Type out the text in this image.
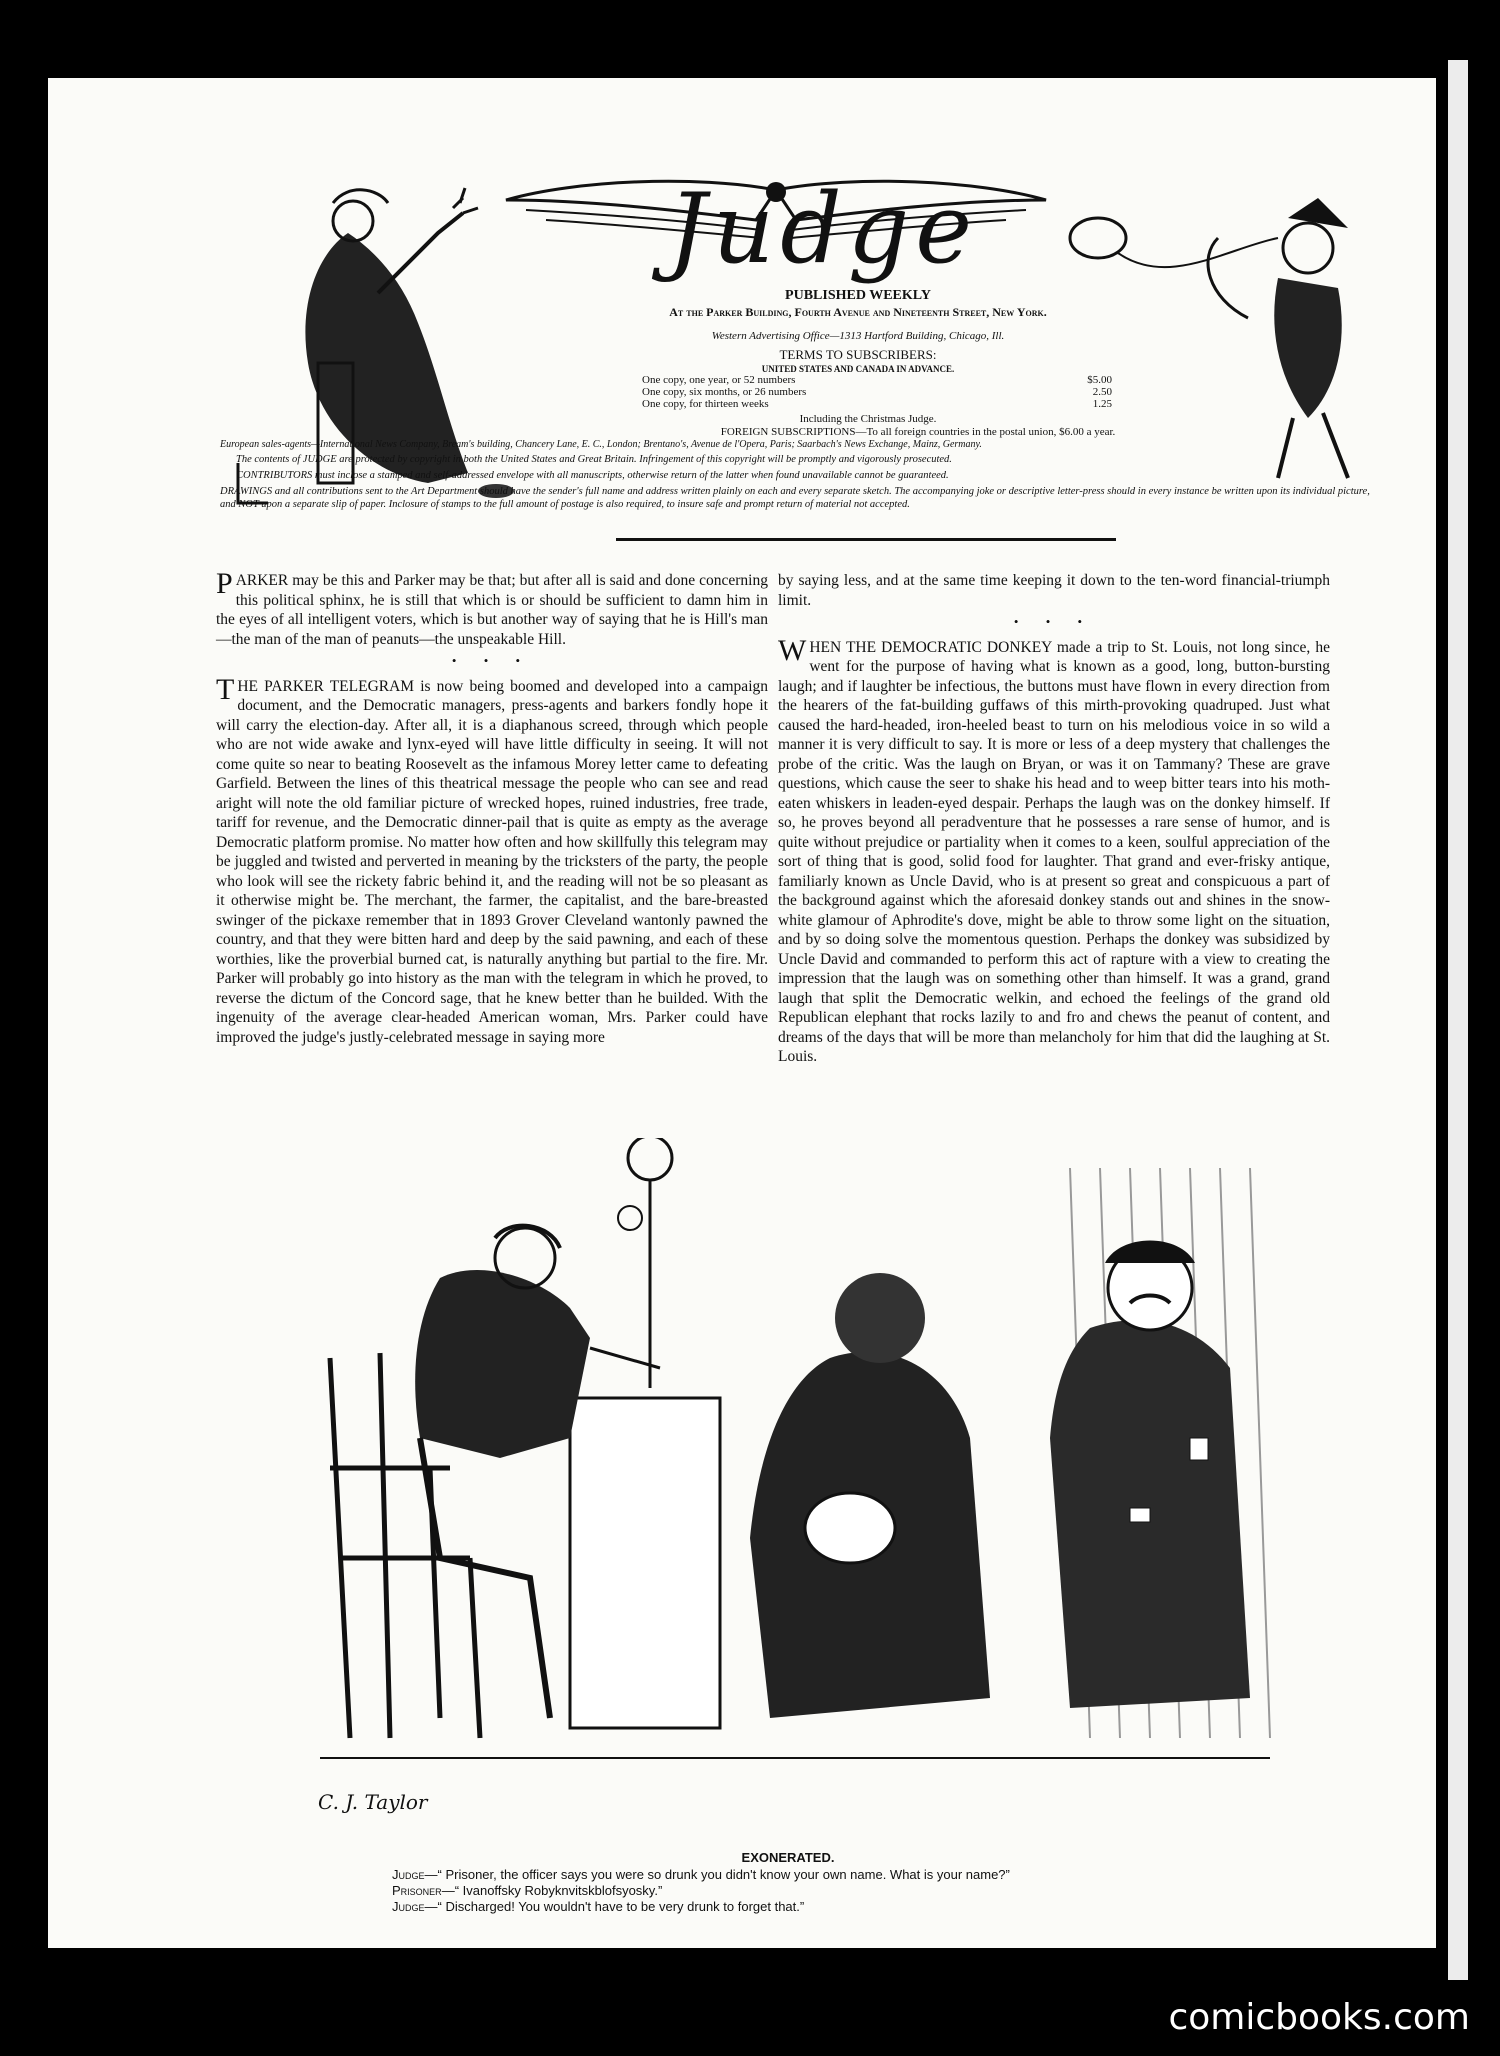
Judge
PUBLISHED WEEKLY
At the Parker Building, Fourth Avenue and Nineteenth Street, New York.
Western Advertising Office—1313 Hartford Building, Chicago, Ill.
TERMS TO SUBSCRIBERS:
UNITED STATES AND CANADA IN ADVANCE.
One copy, one year, or 52 numbers	$5.00
One copy, six months, or 26 numbers	2.50
One copy, for thirteen weeks	1.25
Including the Christmas Judge.
FOREIGN SUBSCRIPTIONS—To all foreign countries in the postal union, $6.00 a year.
European sales-agents—International News Company, Bream's building, Chancery Lane, E. C., London; Brentano's, Avenue de l'Opera, Paris; Saarbach's News Exchange, Mainz, Germany.
The contents of JUDGE are protected by copyright in both the United States and Great Britain. Infringement of this copyright will be promptly and vigorously prosecuted.
CONTRIBUTORS must inclose a stamped and self-addressed envelope with all manuscripts, otherwise return of the latter when found unavailable cannot be guaranteed.
DRAWINGS and all contributions sent to the Art Department should have the sender's full name and address written plainly on each and every separate sketch. The accompanying joke or descriptive letter-press should in every instance be written upon its individual picture, and NOT upon a separate slip of paper. Inclosure of stamps to the full amount of postage is also required, to insure safe and prompt return of material not accepted.

PARKER may be this and Parker may be that; but after all is said and done concerning this political sphinx, he is still that which is or should be sufficient to damn him in the eyes of all intelligent voters, which is but another way of saying that he is Hill's man—the man of the man of peanuts—the unspeakable Hill.

• • •

THE PARKER TELEGRAM is now being boomed and developed into a campaign document, and the Democratic managers, press-agents and barkers fondly hope it will carry the election-day. After all, it is a diaphanous screed, through which people who are not wide awake and lynx-eyed will have little difficulty in seeing. It will not come quite so near to beating Roosevelt as the infamous Morey letter came to defeating Garfield. Between the lines of this theatrical message the people who can see and read aright will note the old familiar picture of wrecked hopes, ruined industries, free trade, tariff for revenue, and the Democratic dinner-pail that is quite as empty as the average Democratic platform promise. No matter how often and how skillfully this telegram may be juggled and twisted and perverted in meaning by the tricksters of the party, the people who look will see the rickety fabric behind it, and the reading will not be so pleasant as it otherwise might be. The merchant, the farmer, the capitalist, and the bare-breasted swinger of the pickaxe remember that in 1893 Grover Cleveland wantonly pawned the country, and that they were bitten hard and deep by the said pawning, and each of these worthies, like the proverbial burned cat, is naturally anything but partial to the fire. Mr. Parker will probably go into history as the man with the telegram in which he proved, to reverse the dictum of the Concord sage, that he knew better than he builded. With the ingenuity of the average clear-headed American woman, Mrs. Parker could have improved the judge's justly-celebrated message in saying more

by saying less, and at the same time keeping it down to the ten-word financial-triumph limit.

• • •

WHEN THE DEMOCRATIC DONKEY made a trip to St. Louis, not long since, he went for the purpose of having what is known as a good, long, button-bursting laugh; and if laughter be infectious, the buttons must have flown in every direction from the hearers of the fat-building guffaws of this mirth-provoking quadruped. Just what caused the hard-headed, iron-heeled beast to turn on his melodious voice in so wild a manner it is very difficult to say. It is more or less of a deep mystery that challenges the probe of the critic. Was the laugh on Bryan, or was it on Tammany? These are grave questions, which cause the seer to shake his head and to weep bitter tears into his moth-eaten whiskers in leaden-eyed despair. Perhaps the laugh was on the donkey himself. If so, he proves beyond all peradventure that he possesses a rare sense of humor, and is quite without prejudice or partiality when it comes to a keen, soulful appreciation of the sort of thing that is good, solid food for laughter. That grand and ever-frisky antique, familiarly known as Uncle David, who is at present so great and conspicuous a part of the background against which the aforesaid donkey stands out and shines in the snow-white glamour of Aphrodite's dove, might be able to throw some light on the situation, and by so doing solve the momentous question. Perhaps the donkey was subsidized by Uncle David and commanded to perform this act of rapture with a view to creating the impression that the laugh was on something other than himself. It was a grand, grand laugh that split the Democratic welkin, and echoed the feelings of the grand old Republican elephant that rocks lazily to and fro and chews the peanut of content, and dreams of the days that will be more than melancholy for him that did the laughing at St. Louis.

C. J. Taylor
EXONERATED.
Judge—“ Prisoner, the officer says you were so drunk you didn't know your own name. What is your name?”
Prisoner—“ Ivanoffsky Robyknvitskblofsyosky.”
Judge—“ Discharged! You wouldn't have to be very drunk to forget that.”
comicbooks.com
